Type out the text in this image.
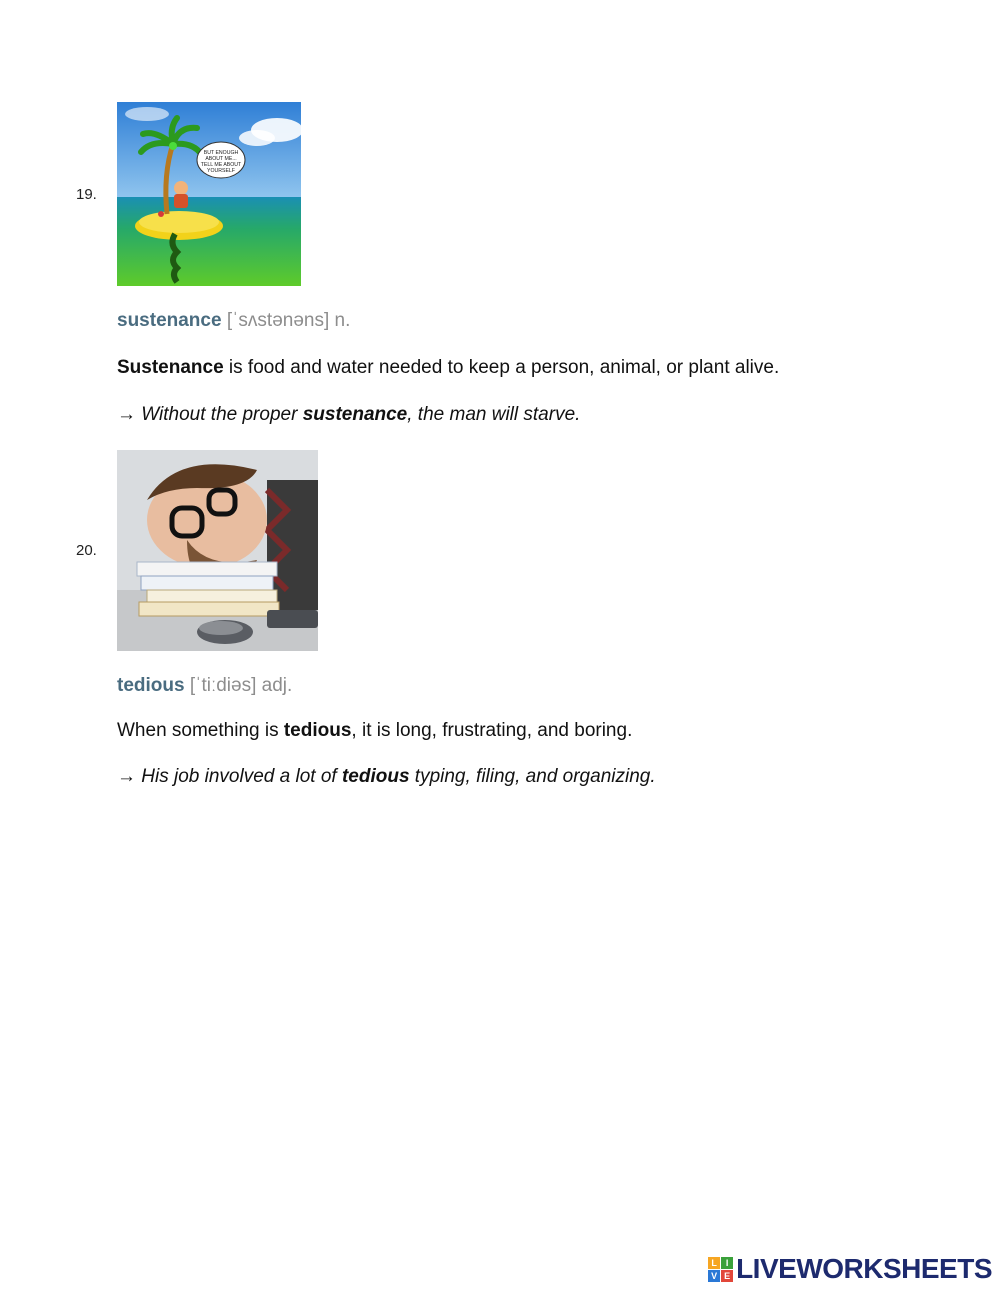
19.
BUT ENOUGH
ABOUT ME...
TELL ME ABOUT
YOURSELF
sustenance [ˈsʌstənəns] n.
Sustenance is food and water needed to keep a person, animal, or plant alive.
→ Without the proper sustenance, the man will starve.
20.
tedious [ˈtiːdiəs] adj.
When something is tedious, it is long, frustrating, and boring.
→ His job involved a lot of tedious typing, filing, and organizing.
L I
V E LIVEWORKSHEETS
